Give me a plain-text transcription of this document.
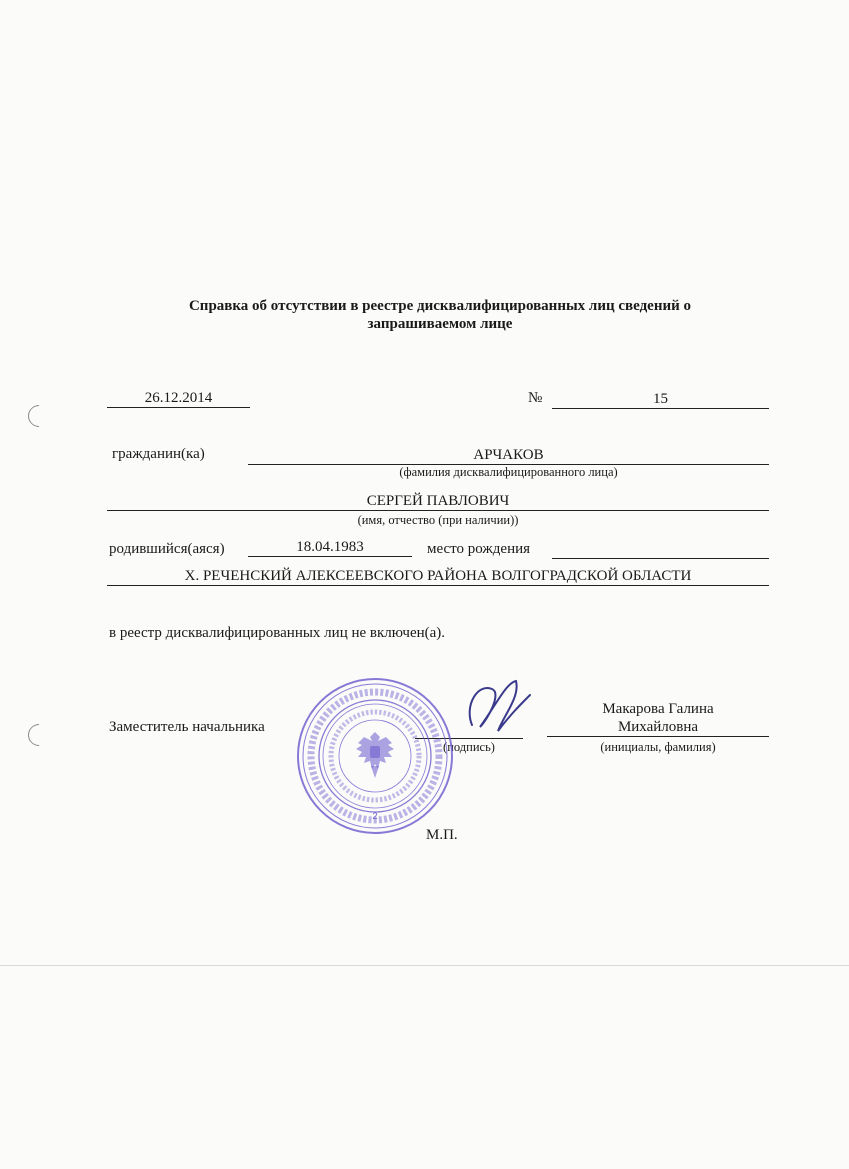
Справка об отсутствии в реестре дисквалифицированных лиц сведений о
запрашиваемом лице
26.12.2014	№	15
гражданин(ка)	АРЧАКОВ
(фамилия дисквалифицированного лица)
СЕРГЕЙ ПАВЛОВИЧ
(имя, отчество (при наличии))
родившийся(аяся)	18.04.1983	место рождения
Х. РЕЧЕНСКИЙ АЛЕКСЕЕВСКОГО РАЙОНА ВОЛГОГРАДСКОЙ ОБЛАСТИ
в реестр дисквалифицированных лиц не включен(а).
Заместитель начальника
(подпись)
Макарова Галина
Михайловна
(инициалы, фамилия)
М.П.
2
